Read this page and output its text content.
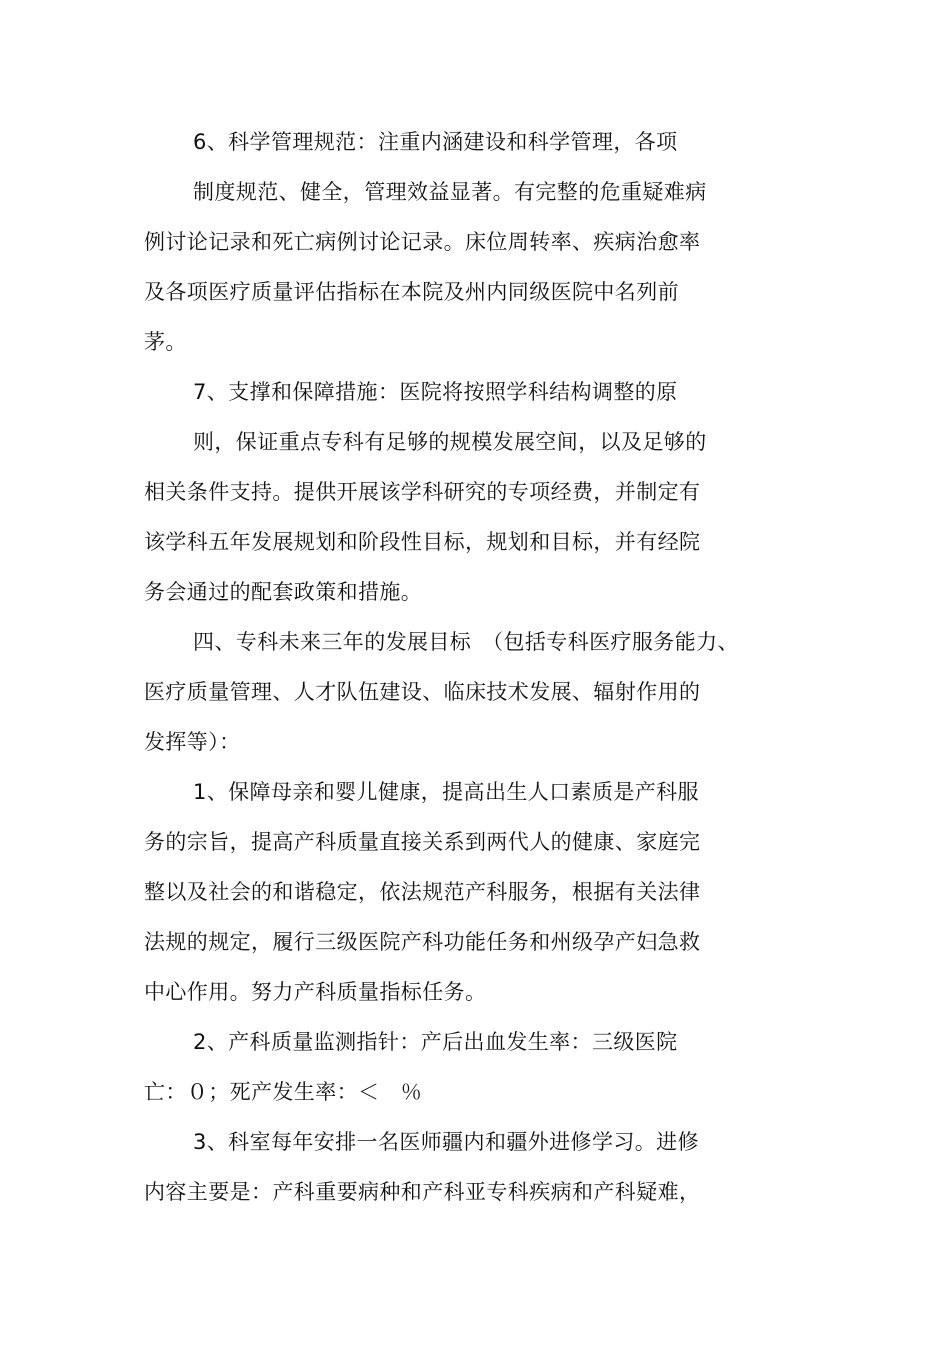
6、科学管理规范：注重内涵建设和科学管理，各项
制度规范、健全，管理效益显著。有完整的危重疑难病
例讨论记录和死亡病例讨论记录。床位周转率、疾病治愈率
及各项医疗质量评估指标在本院及州内同级医院中名列前
茅。
7、支撑和保障措施：医院将按照学科结构调整的原
则，保证重点专科有足够的规模发展空间，以及足够的
相关条件支持。提供开展该学科研究的专项经费，并制定有
该学科五年发展规划和阶段性目标，规划和目标，并有经院
务会通过的配套政策和措施。
四、专科未来三年的发展目标　（包括专科医疗服务能力、
医疗质量管理、人才队伍建设、临床技术发展、辐射作用的
发挥等）：
1、保障母亲和婴儿健康，提高出生人口素质是产科服
务的宗旨，提高产科质量直接关系到两代人的健康、家庭完
整以及社会的和谐稳定，依法规范产科服务，根据有关法律
法规的规定，履行三级医院产科功能任务和州级孕产妇急救
中心作用。努力产科质量指标任务。
2、产科质量监测指针：产后出血发生率：三级医院
亡：０；死产发生率：＜　％
3、科室每年安排一名医师疆内和疆外进修学习。进修
内容主要是：产科重要病种和产科亚专科疾病和产科疑难，
